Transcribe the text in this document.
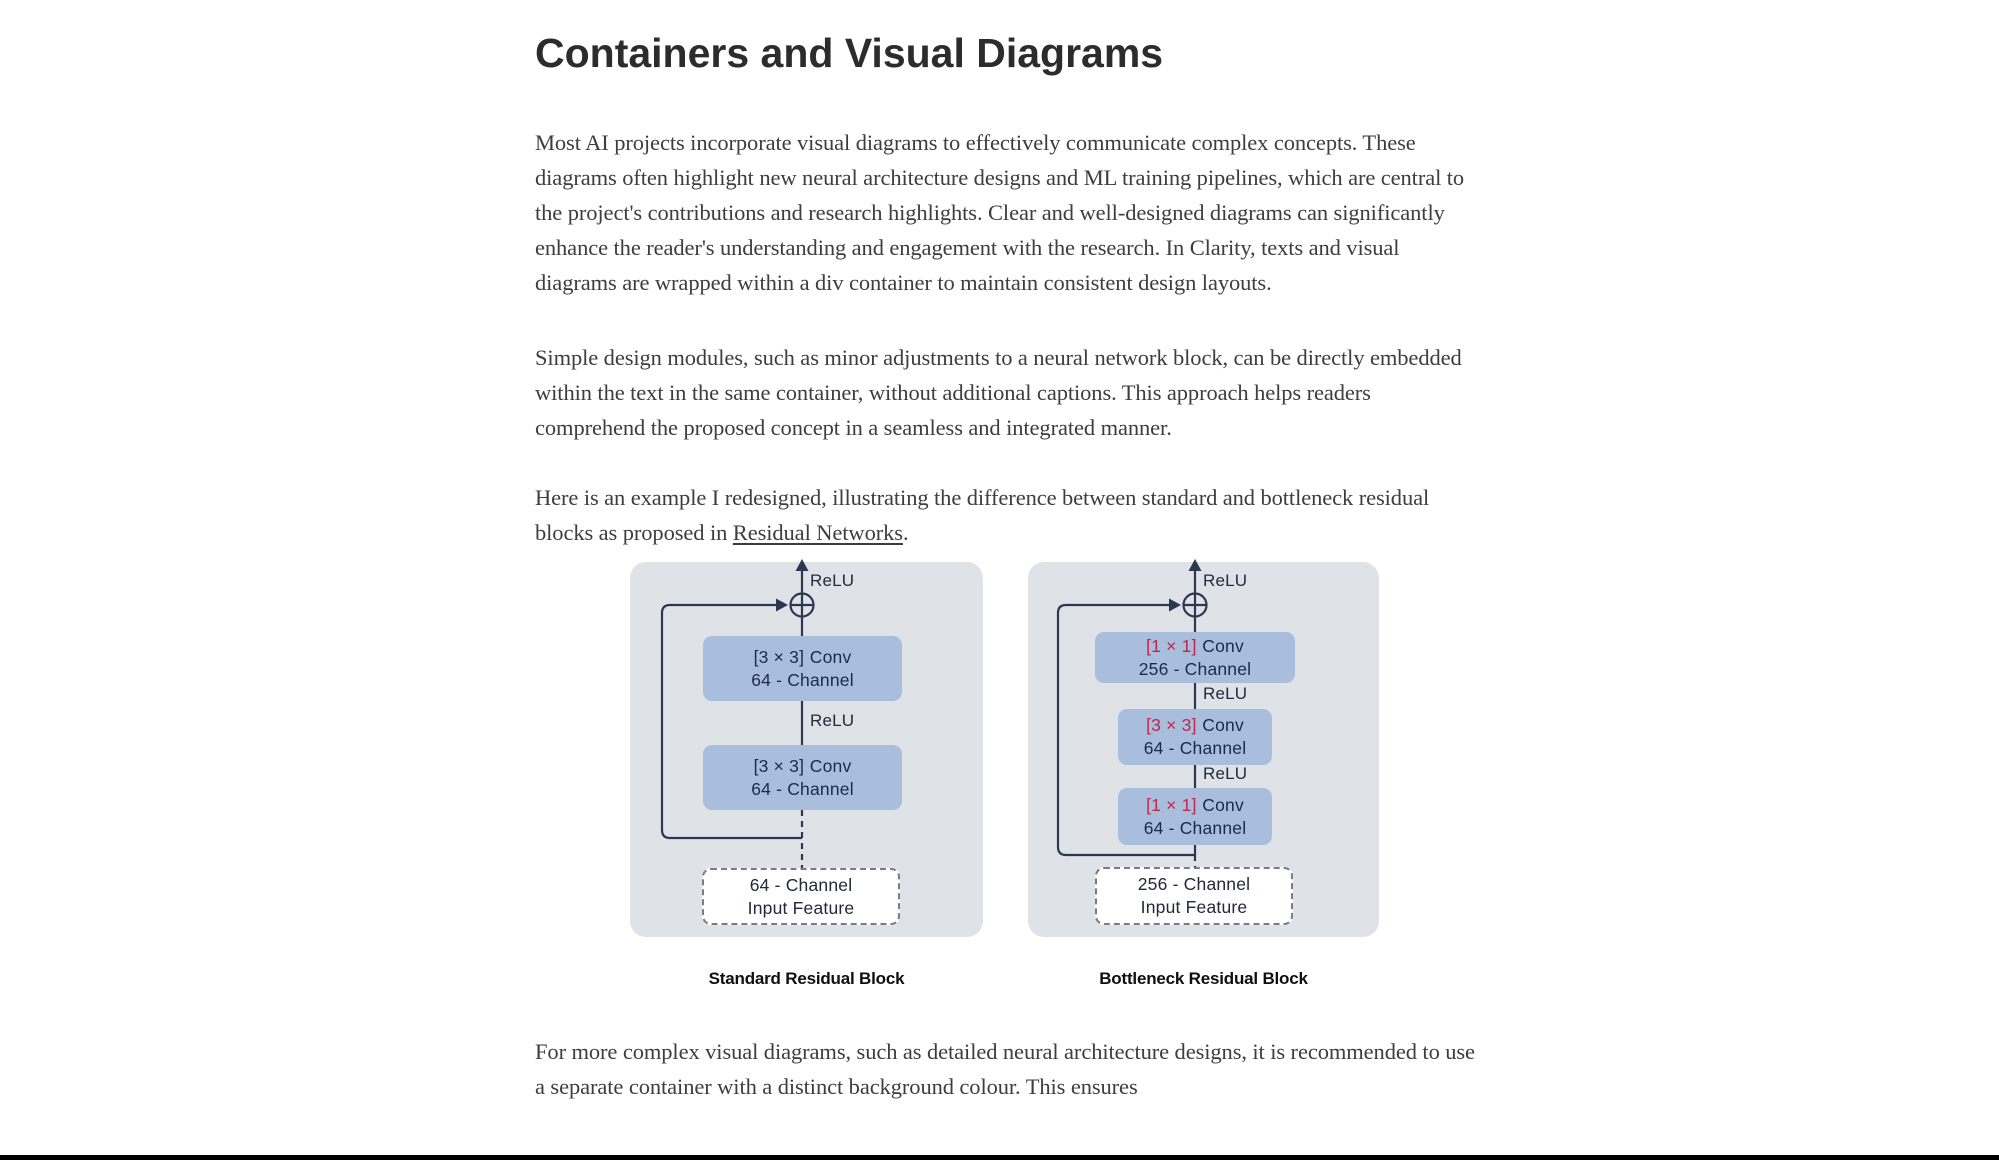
Containers and Visual Diagrams

Most AI projects incorporate visual diagrams to effectively communicate complex concepts. These diagrams often highlight new neural architecture designs and ML training pipelines, which are central to the project's contributions and research highlights. Clear and well-designed diagrams can significantly enhance the reader's understanding and engagement with the research. In Clarity, texts and visual diagrams are wrapped within a div container to maintain consistent design layouts.

Simple design modules, such as minor adjustments to a neural network block, can be directly embedded within the text in the same container, without additional captions. This approach helps readers comprehend the proposed concept in a seamless and integrated manner.

Here is an example I redesigned, illustrating the difference between standard and bottleneck residual blocks as proposed in Residual Networks.

ReLU
[3 × 3] Conv
64 - Channel
ReLU
[3 × 3] Conv
64 - Channel
64 - Channel
Input Feature
ReLU
[1 × 1] Conv
256 - Channel
ReLU
[3 × 3] Conv
64 - Channel
ReLU
[1 × 1] Conv
64 - Channel
256 - Channel
Input Feature
Standard Residual Block	Bottleneck Residual Block

For more complex visual diagrams, such as detailed neural architecture designs, it is recommended to use a separate container with a distinct background colour. This ensures
